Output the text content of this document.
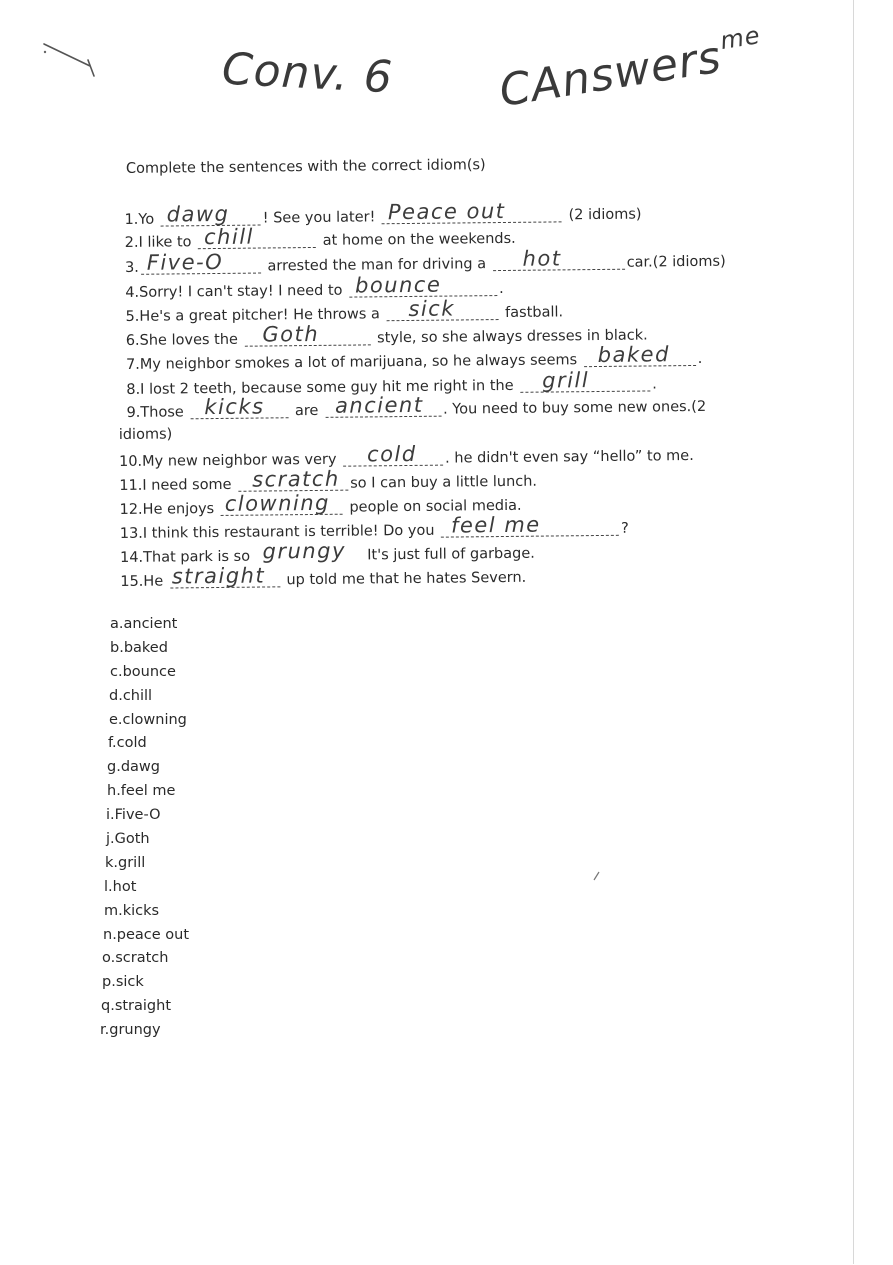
Conv. 6 CAnswers$^{me}$
Complete the sentences with the correct idiom(s)
1.Yo dawg ! See you later! Peace out	(2 idioms)
2.I like to chill	at home on the weekends.
3. Five-O	arrested the man for driving a hot	car.(2 idioms)
4.Sorry! I can't stay! I need to bounce	.
5.He's a great pitcher! He throws a sick	fastball.
6.She loves the Goth	style, so she always dresses in black.
7.My neighbor smokes a lot of marijuana, so he always seems baked .
8.I lost 2 teeth, because some guy hit me right in the grill	.
9.Those kicks are ancient . You need to buy some new ones.(2
idioms)
10.My new neighbor was very cold . he didn't even say “hello” to me.
11.I need some scratch so I can buy a little lunch.
12.He enjoys clowning people on social media.
13.I think this restaurant is terrible! Do you feel me	?
14.That park is so grungy It's just full of garbage.
15.He straight up told me that he hates Severn.
a.ancient
b.baked
c.bounce
d.chill
e.clowning
f.cold
g.dawg
h.feel me
i.Five-O
j.Goth
k.grill
l.hot
m.kicks
n.peace out
o.scratch
p.sick
q.straight
r.grungy
